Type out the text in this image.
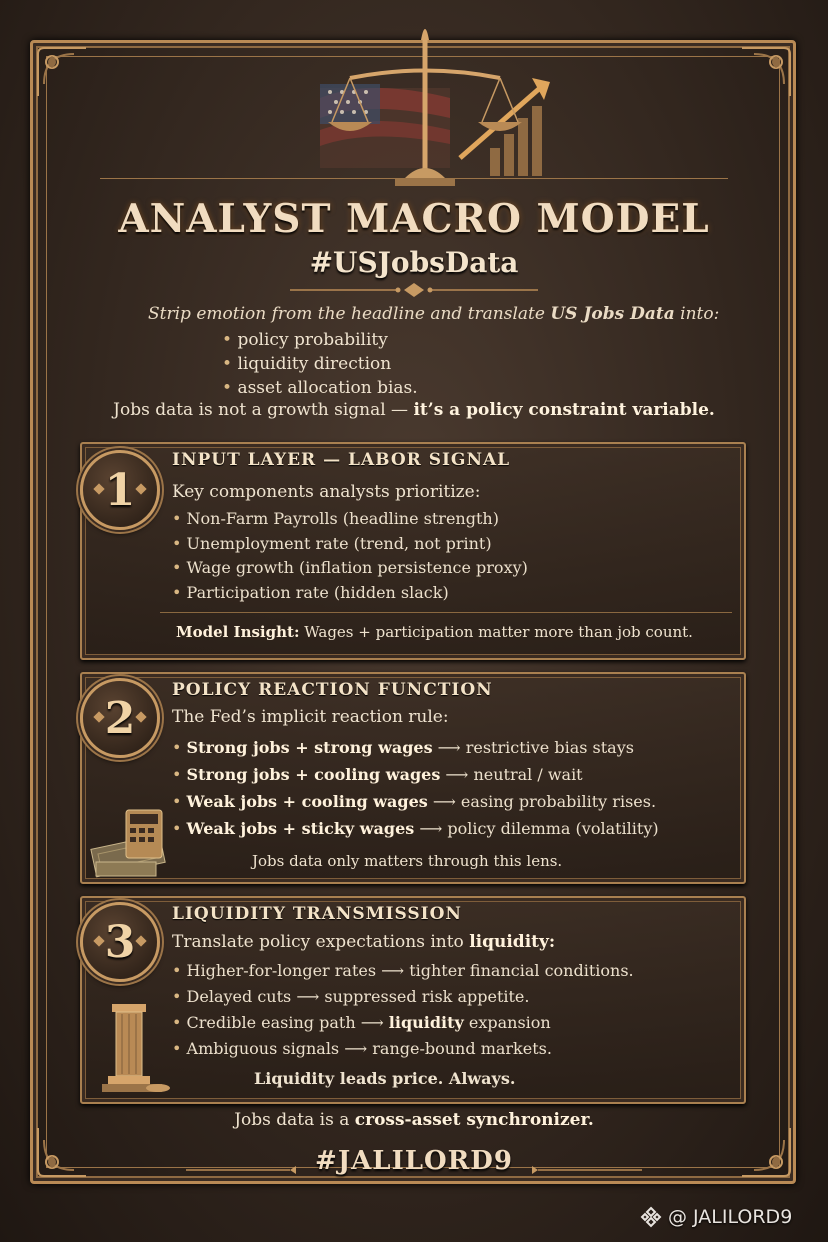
ANALYST MACRO MODEL
#USJobsData
Strip emotion from the headline and translate US Jobs Data into:
• policy probability
• liquidity direction
• asset allocation bias.
Jobs data is not a growth signal — it’s a policy constraint variable.
1
INPUT LAYER — LABOR SIGNAL
Key components analysts prioritize:
• Non-Farm Payrolls (headline strength)
• Unemployment rate (trend, not print)
• Wage growth (inflation persistence proxy)
• Participation rate (hidden slack)
Model Insight: Wages + participation matter more than job count.
2
POLICY REACTION FUNCTION
The Fed’s implicit reaction rule:
• Strong jobs + strong wages ⟶ restrictive bias stays
• Strong jobs + cooling wages ⟶ neutral / wait
• Weak jobs + cooling wages ⟶ easing probability rises.
• Weak jobs + sticky wages ⟶ policy dilemma (volatility)
Jobs data only matters through this lens.
3
LIQUIDITY TRANSMISSION
Translate policy expectations into liquidity:
• Higher-for-longer rates ⟶ tighter financial conditions.
• Delayed cuts ⟶ suppressed risk appetite.
• Credible easing path ⟶ liquidity expansion
• Ambiguous signals ⟶ range-bound markets.
Liquidity leads price. Always.
Jobs data is a cross-asset synchronizer.
#JALILORD9
@ JALILORD9
